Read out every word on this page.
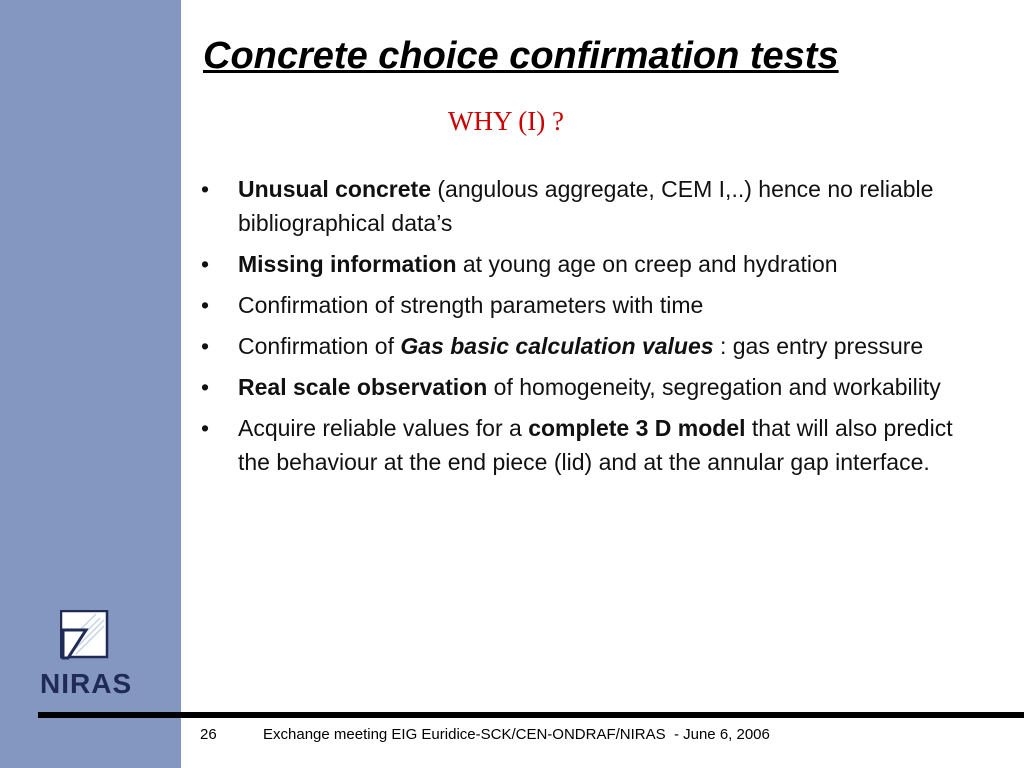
NIRAS
Concrete choice confirmation tests
WHY (I) ?
• Unusual concrete (angulous aggregate, CEM I,..) hence no reliable bibliographical data’s
• Missing information at young age on creep and hydration
• Confirmation of strength parameters with time
• Confirmation of Gas basic calculation values : gas entry pressure
• Real scale observation of homogeneity, segregation and workability
• Acquire reliable values for a complete 3 D model that will also predict the behaviour at the end piece (lid) and at the annular gap interface.
26	Exchange meeting EIG Euridice-SCK/CEN-ONDRAF/NIRAS  - June 6, 2006
